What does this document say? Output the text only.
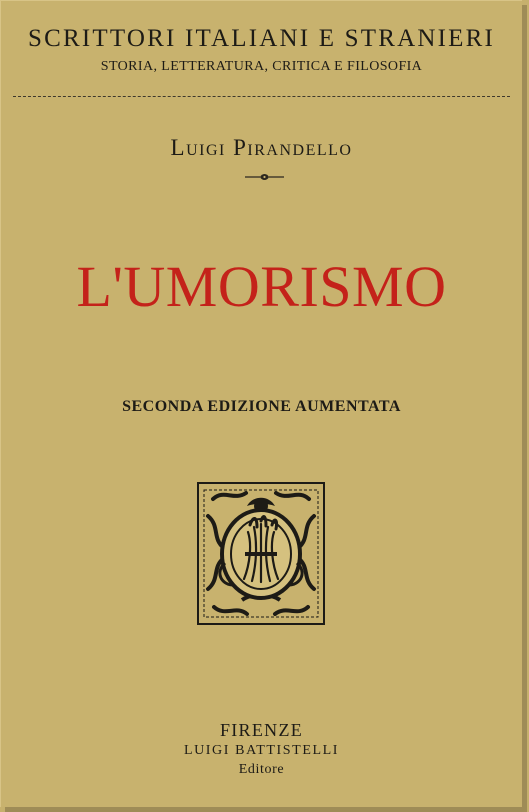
SCRITTORI ITALIANI E STRANIERI
STORIA, LETTERATURA, CRITICA E FILOSOFIA
Luigi Pirandello
L'UMORISMO
SECONDA EDIZIONE AUMENTATA
FIRENZE
LUIGI BATTISTELLI
Editore
